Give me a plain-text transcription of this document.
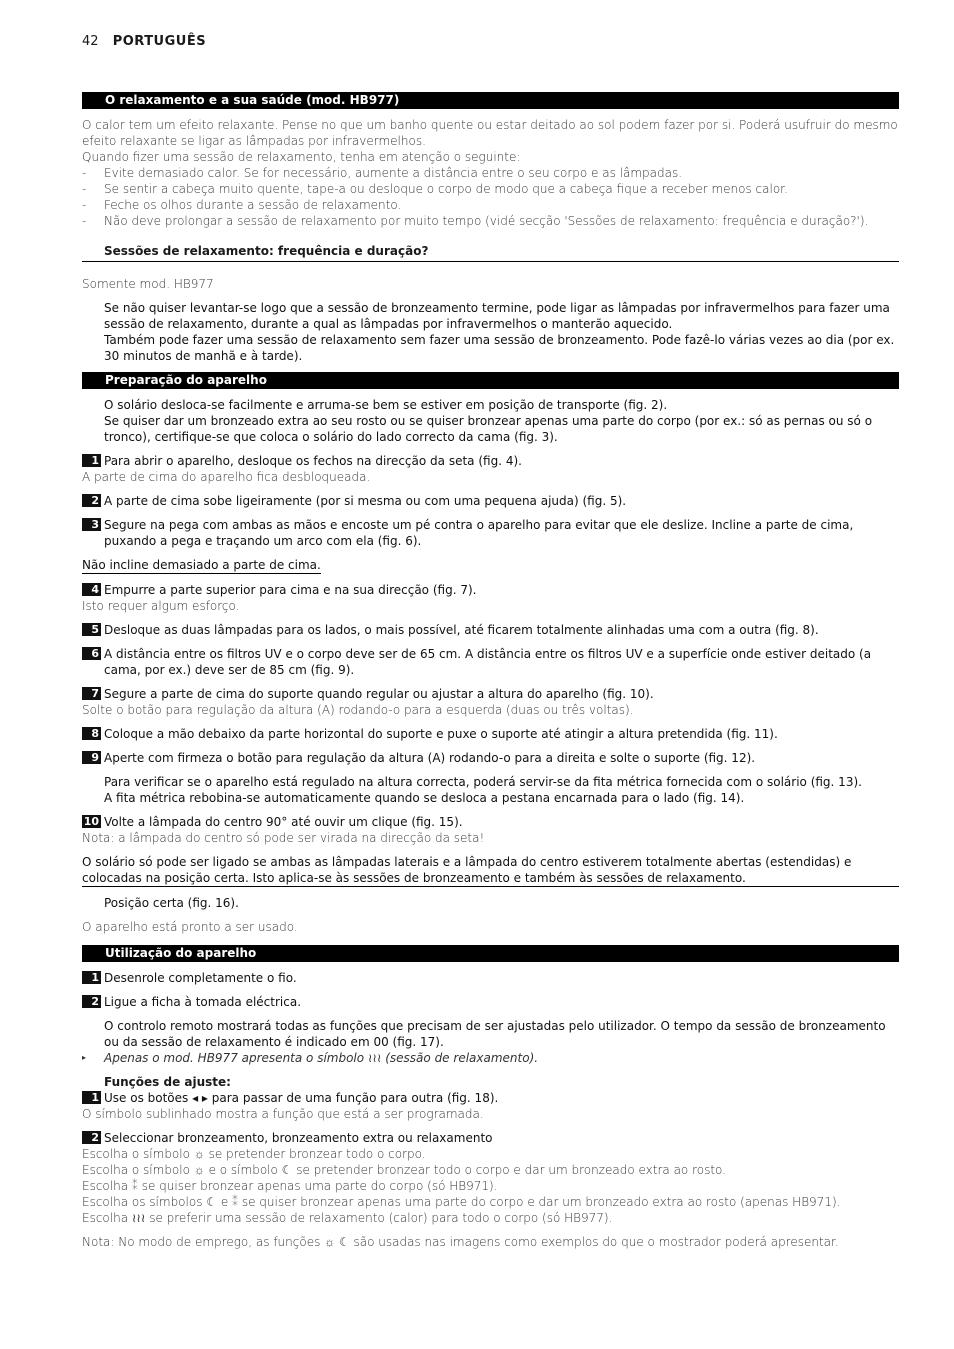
42 PORTUGUÊS
O relaxamento e a sua saúde (mod. HB977)

O calor tem um efeito relaxante. Pense no que um banho quente ou estar deitado ao sol podem fazer por si. Poderá usufruir do mesmo efeito relaxante se ligar as lâmpadas por infravermelhos.

Quando fizer uma sessão de relaxamento, tenha em atenção o seguinte:

-	Evite demasiado calor. Se for necessário, aumente a distância entre o seu corpo e as lâmpadas.
-	Se sentir a cabeça muito quente, tape-a ou desloque o corpo de modo que a cabeça fique a receber menos calor.
-	Feche os olhos durante a sessão de relaxamento.
-	Não deve prolongar a sessão de relaxamento por muito tempo (vidé secção 'Sessões de relaxamento: frequência e duração?').
Sessões de relaxamento: frequência e duração?

Somente mod. HB977

Se não quiser levantar-se logo que a sessão de bronzeamento termine, pode ligar as lâmpadas por infravermelhos para fazer uma sessão de relaxamento, durante a qual as lâmpadas por infravermelhos o manterão aquecido.

Também pode fazer uma sessão de relaxamento sem fazer uma sessão de bronzeamento. Pode fazê-lo várias vezes ao dia (por ex. 30 minutos de manhã e à tarde).

Preparação do aparelho

O solário desloca-se facilmente e arruma-se bem se estiver em posição de transporte (fig. 2).

Se quiser dar um bronzeado extra ao seu rosto ou se quiser bronzear apenas uma parte do corpo (por ex.: só as pernas ou só o tronco), certifique-se que coloca o solário do lado correcto da cama (fig. 3).

1 Para abrir o aparelho, desloque os fechos na direcção da seta (fig. 4).

A parte de cima do aparelho fica desbloqueada.

2 A parte de cima sobe ligeiramente (por si mesma ou com uma pequena ajuda) (fig. 5).
3 Segure na pega com ambas as mãos e encoste um pé contra o aparelho para evitar que ele deslize. Incline a parte de cima, puxando a pega e traçando um arco com ela (fig. 6).
Não incline demasiado a parte de cima.
4 Empurre a parte superior para cima e na sua direcção (fig. 7).

Isto requer algum esforço.

5 Desloque as duas lâmpadas para os lados, o mais possível, até ficarem totalmente alinhadas uma com a outra (fig. 8).
6 A distância entre os filtros UV e o corpo deve ser de 65 cm. A distância entre os filtros UV e a superfície onde estiver deitado (a cama, por ex.) deve ser de 85 cm (fig. 9).
7 Segure a parte de cima do suporte quando regular ou ajustar a altura do aparelho (fig. 10).

Solte o botão para regulação da altura (A) rodando-o para a esquerda (duas ou três voltas).

8 Coloque a mão debaixo da parte horizontal do suporte e puxe o suporte até atingir a altura pretendida (fig. 11).
9 Aperte com firmeza o botão para regulação da altura (A) rodando-o para a direita e solte o suporte (fig. 12).

Para verificar se o aparelho está regulado na altura correcta, poderá servir-se da fita métrica fornecida com o solário (fig. 13).

A fita métrica rebobina-se automaticamente quando se desloca a pestana encarnada para o lado (fig. 14).

10 Volte a lâmpada do centro 90° até ouvir um clique (fig. 15).

Nota: a lâmpada do centro só pode ser virada na direcção da seta!

O solário só pode ser ligado se ambas as lâmpadas laterais e a lâmpada do centro estiverem totalmente abertas (estendidas) e colocadas na posição certa. Isto aplica-se às sessões de bronzeamento e também às sessões de relaxamento.

Posição certa (fig. 16).

O aparelho está pronto a ser usado.

Utilização do aparelho
1 Desenrole completamente o fio.
2 Ligue a ficha à tomada eléctrica.

O controlo remoto mostrará todas as funções que precisam de ser ajustadas pelo utilizador. O tempo da sessão de bronzeamento ou da sessão de relaxamento é indicado em 00 (fig. 17).

▸	Apenas o mod. HB977 apresenta o símbolo ≀≀≀ (sessão de relaxamento).

Funções de ajuste:

1 Use os botões ◂ ▸ para passar de uma função para outra (fig. 18).

O símbolo sublinhado mostra a função que está a ser programada.

2 Seleccionar bronzeamento, bronzeamento extra ou relaxamento

Escolha o símbolo ☼ se pretender bronzear todo o corpo.

Escolha o símbolo ☼ e o símbolo ☾ se pretender bronzear todo o corpo e dar um bronzeado extra ao rosto.

Escolha ⁑ se quiser bronzear apenas uma parte do corpo (só HB971).

Escolha os símbolos ☾ e ⁑ se quiser bronzear apenas uma parte do corpo e dar um bronzeado extra ao rosto (apenas HB971).

Escolha ≀≀≀ se preferir uma sessão de relaxamento (calor) para todo o corpo (só HB977).

Nota: No modo de emprego, as funções ☼ ☾ são usadas nas imagens como exemplos do que o mostrador poderá apresentar.
